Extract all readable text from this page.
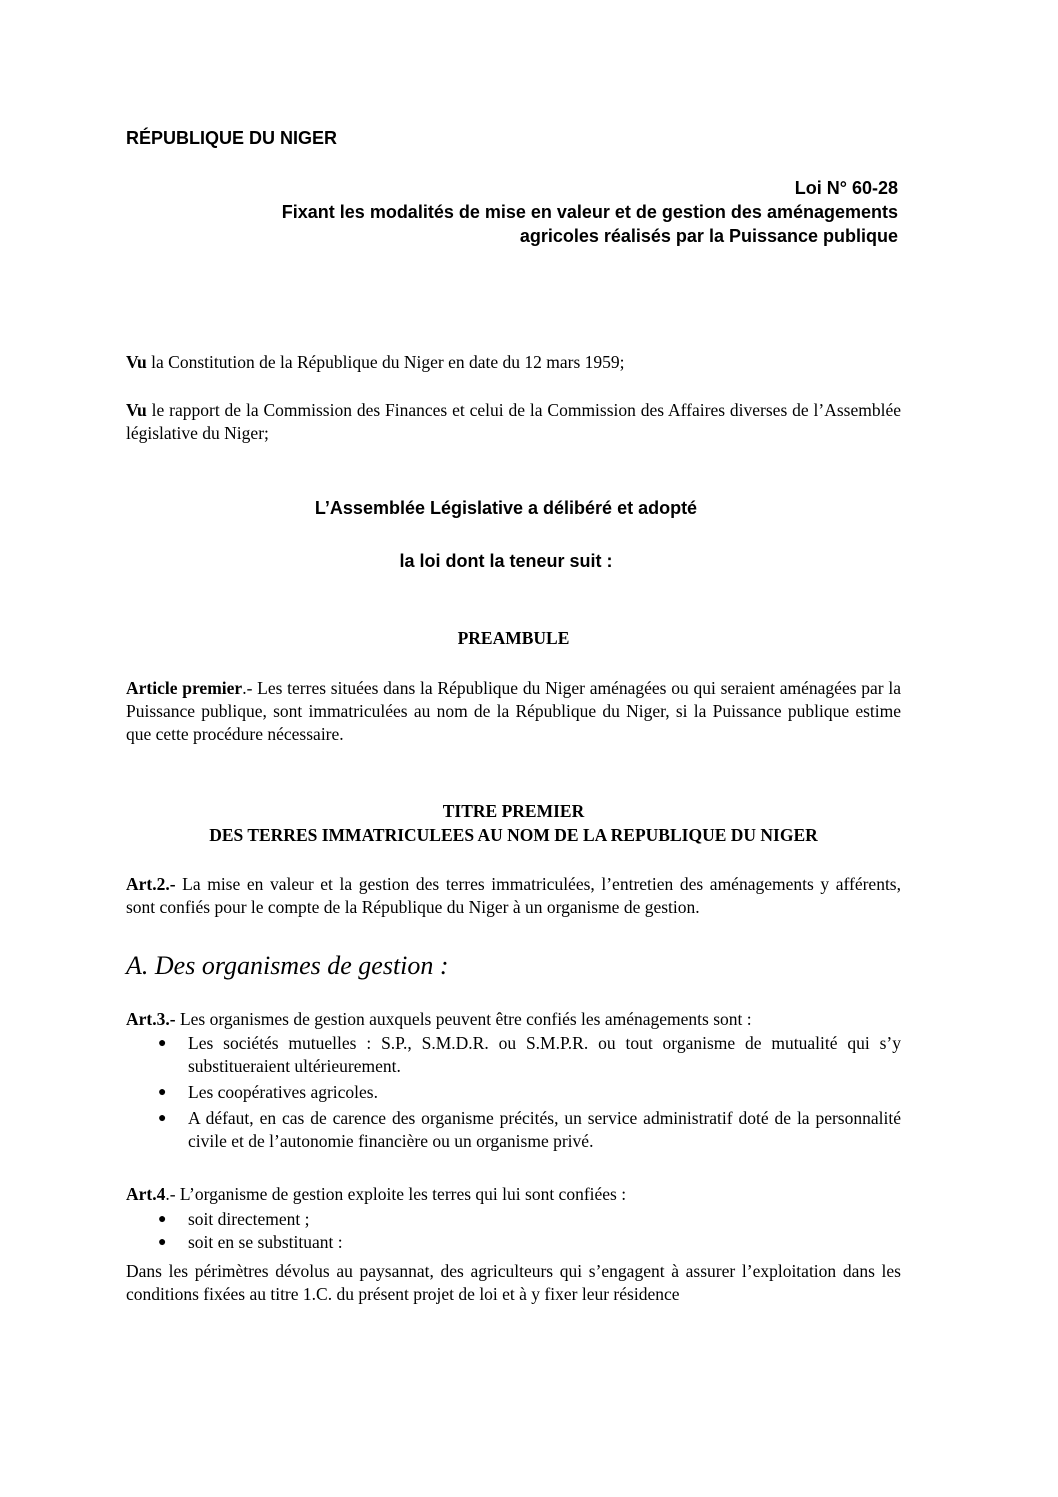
RÉPUBLIQUE DU NIGER
Loi N° 60-28
Fixant les modalités de mise en valeur et de gestion des aménagements
agricoles réalisés par la Puissance publique
Vu la Constitution de la République du Niger en date du 12 mars 1959;
Vu le rapport de la Commission des Finances et celui de la Commission des Affaires diverses de l’Assemblée législative du Niger;
L’Assemblée Législative a délibéré et adopté
la loi dont la teneur suit :
PREAMBULE
Article premier.- Les terres situées dans la République du Niger aménagées ou qui seraient aménagées par la Puissance publique, sont immatriculées au nom de la République du Niger, si la Puissance publique estime que cette procédure nécessaire.
TITRE PREMIER
DES TERRES IMMATRICULEES AU NOM DE LA REPUBLIQUE DU NIGER
Art.2.- La mise en valeur et la gestion des terres immatriculées, l’entretien des aménagements y afférents, sont confiés pour le compte de la République du Niger à un organisme de gestion.
A. Des organismes de gestion :
Art.3.- Les organismes de gestion auxquels peuvent être confiés les aménagements sont :
● Les sociétés mutuelles : S.P., S.M.D.R. ou S.M.P.R. ou tout organisme de mutualité qui s’y substitueraient ultérieurement.
● Les coopératives agricoles.
● A défaut, en cas de carence des organisme précités, un service administratif doté de la personnalité civile et de l’autonomie financière ou un organisme privé.
Art.4.- L’organisme de gestion exploite les terres qui lui sont confiées :
● soit directement ;
● soit en se substituant :
Dans les périmètres dévolus au paysannat, des agriculteurs qui s’engagent à assurer l’exploitation dans les conditions fixées au titre 1.C. du présent projet de loi et à y fixer leur résidence
